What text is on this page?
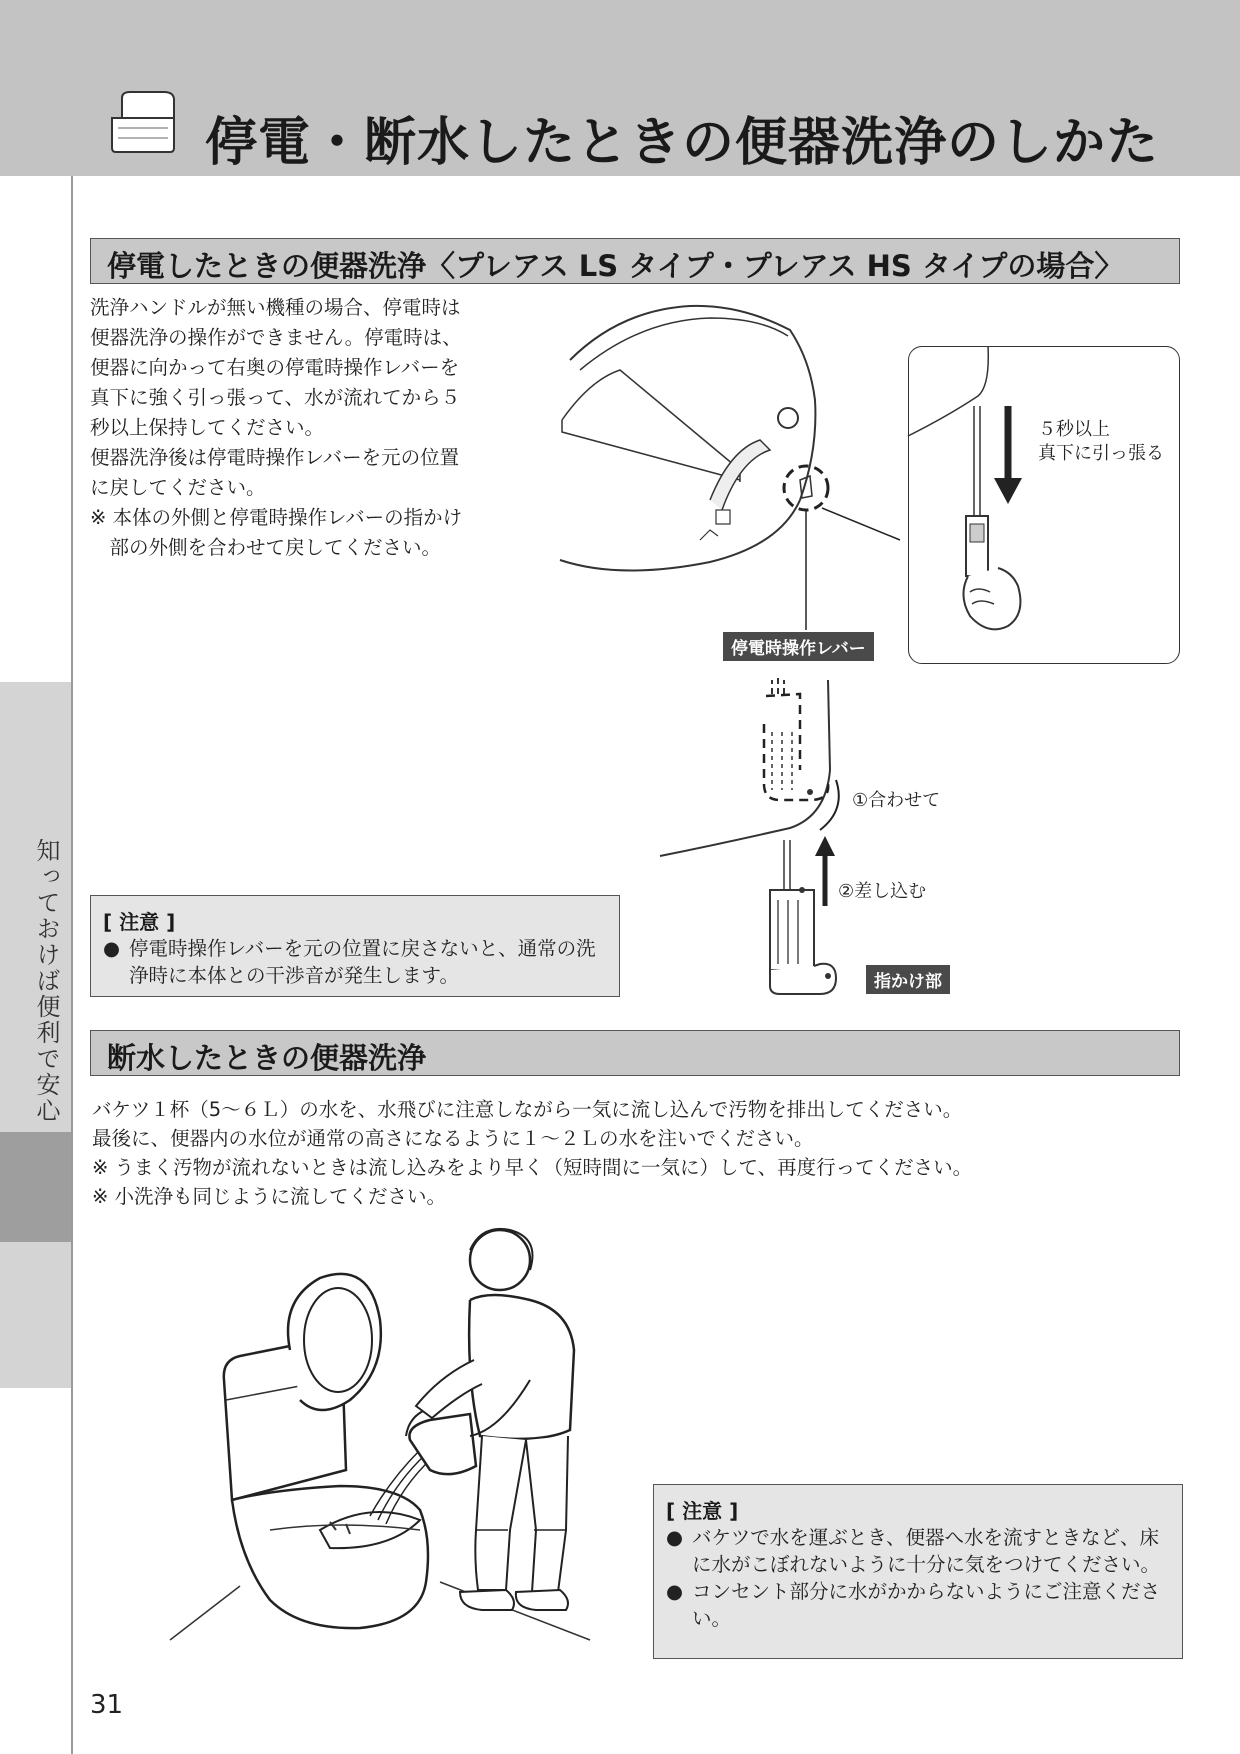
停電・断水したときの便器洗浄のしかた
知っておけば便利で安心
停電したときの便器洗浄〈プレアス LS タイプ・プレアス HS タイプの場合〉
洗浄ハンドルが無い機種の場合、停電時は
便器洗浄の操作ができません。停電時は、
便器に向かって右奥の停電時操作レバーを
真下に強く引っ張って、水が流れてから５
秒以上保持してください。
便器洗浄後は停電時操作レバーを元の位置
に戻してください。
※ 本体の外側と停電時操作レバーの指かけ
　部の外側を合わせて戻してください。
５秒以上
真下に引っ張る
停電時操作レバー
①合わせて
②差し込む
指かけ部
[ 注意 ]
● 停電時操作レバーを元の位置に戻さないと、通常の洗浄時に本体との干渉音が発生します。
断水したときの便器洗浄
バケツ１杯（5～６Ｌ）の水を、水飛びに注意しながら一気に流し込んで汚物を排出してください。
最後に、便器内の水位が通常の高さになるように１～２Ｌの水を注いでください。
※ うまく汚物が流れないときは流し込みをより早く（短時間に一気に）して、再度行ってください。
※ 小洗浄も同じように流してください。
[ 注意 ]
● バケツで水を運ぶとき、便器へ水を流すときなど、床に水がこぼれないように十分に気をつけてください。
● コンセント部分に水がかからないようにご注意ください。
31
